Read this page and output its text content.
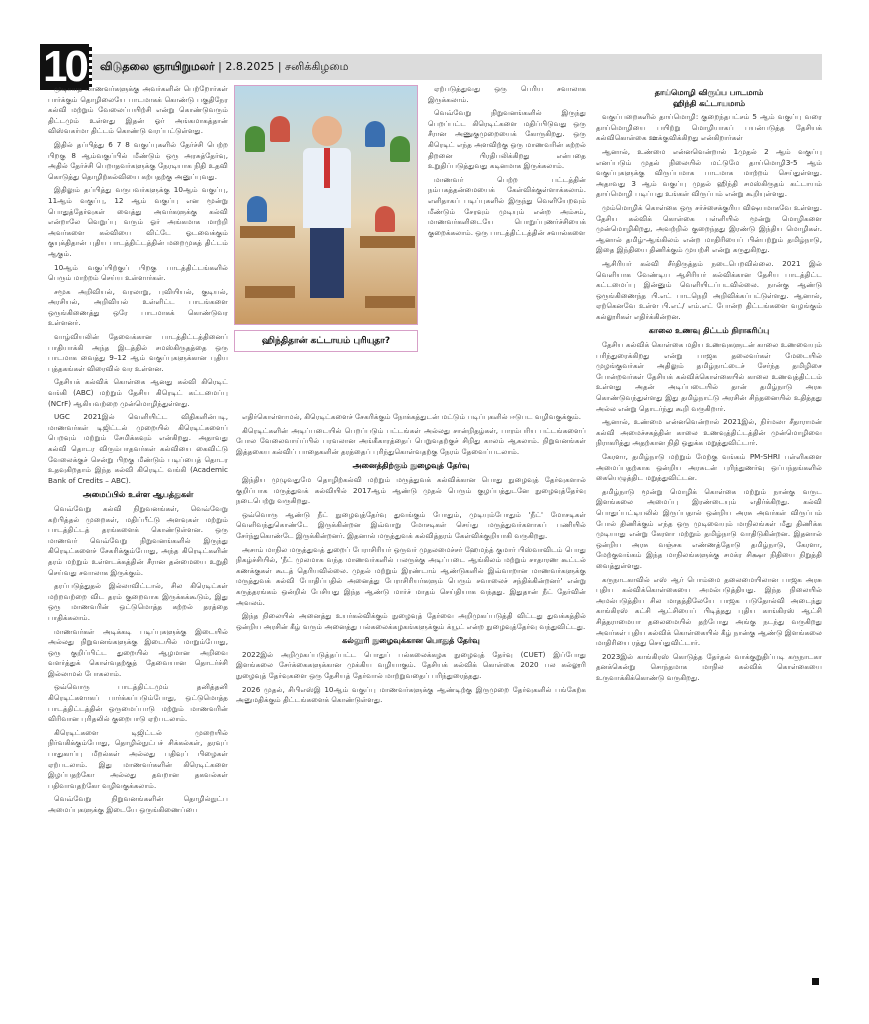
10	விடுதலை ஞாயிறுமலர் | 2.8.2025 | சனிக்கிழமை

முடியாத மாணவர்களுக்கு அவர்களின் பெற்றோர்கள் பார்க்கும் தொழிலையே பாடமாகக் கொண்டு பகுதிநேர கல்வி மற்றும் வேலைப்பயிற்சி என்று கொண்டுவரும் திட்டமும் உள்ளது இதன் ஓர் அங்கமாகத்தான் விஸ்வகர்மா திட்டம் கொண்டு வரப்பட்டுள்ளது.

இதில் தப்பித்து 6 7 8 வகுப்புகளில் தேர்ச்சி பெற்ற பிறகு 8 ஆம்வகுப்பில் மீண்டும் ஒரு அரசுத்தேர்வு, அதில் தேர்ச்சி பெறாதவர்களுக்கு நேரடியாக நிதி உதவி கொடுத்து தொழிற்கல்வியை கற்பதற்கு அனுப்புவது.

இதிலும் தப்பித்து வருபவர்களுக்கு 10ஆம் வகுப்பு, 11ஆம் வகுப்பு, 12 ஆம் வகுப்பு என மூன்று பொதுத்தேர்வுகள் வைத்து அவர்களுக்கு கல்வி என்றாலே வெறுப்பு வரும் ஓர் அங்கமாக மாற்றி அவர்களை கல்வியை விட்டே ஓடவைக்கும் குயுக்திதான் புதிய பாடத்திட்டத்தின் மறைமுகத் திட்டம் ஆகும்.

10ஆம் வகுப்பிற்குப் பிறகு பாடத்திட்டங்களில் பெரும் மாற்றம் செய்ய உள்ளார்கள்.

சமூக அறிவியல், வரலாறு, புவியியல், குடியல், அரசியல், அறிவியல் உள்ளிட்ட பாடங்களை ஒருங்கிணைத்து ஒரே பாடமாகக் கொண்டுவர உள்ளனர்.

வாழ்வியலின் தேவைக்கான பாடத்திட்டத்தினைப் பாதியாக்கி அந்த இடத்தில் சமஸ்கிருதத்தை ஒரு பாடமாக வைத்து 9–12 ஆம் வகுப்புகளுக்கான புதிய புத்தகங்கள் விரைவில் வர உள்ளன.

தேசியக் கல்விக் கொள்கை ஆனது கல்வி கிரெடிட் வங்கி (ABC) மற்றும் தேசிய கிரெடிட் கட்டமைப்பு (NCrF) ஆகியவற்றை முன்மொழிந்துள்ளது.

UGC 2021இல் வெளியிட்ட விதிகளின்படி, மாணவர்கள் டிஜிட்டல் முறையில் கிரெடிட்களைப் பெறவும் மற்றும் சேமிக்கவும் என்கிறது. அதாவது கல்வி தொடர விரும்பாதவர்கள் கல்வியை கைவிட்டு வேலைக்குச் சென்று பிறகு மீண்டும் படிப்பைத் தொடர உதவுகிறதாம் இந்த கல்வி கிரெடிட் வங்கி (Academic Bank of Credits – ABC).

அமைப்பில் உள்ள ஆபத்துகள்

வெவ்வேறு கல்வி நிறுவனங்கள், வெவ்வேறு கற்பித்தல் முறைகள், மதிப்பீட்டு அளவுகள் மற்றும் பாடத்திட்டத் தரங்களைக் கொண்டுள்ளன. ஒரு மாணவர் வெவ்வேறு நிறுவனங்களில் இருந்து கிரெடிட்களைச் சேகரிக்கும்போது, அந்த கிரெடிட்களின் தரம் மற்றும் உள்ளடக்கத்தின் சீரான தன்மையை உறுதி செய்வது சவாலாக இருக்கும்.

தரப்படுத்துதல் இல்லாவிட்டால், சில கிரெடிட்கள் மற்றவற்றை விட தரம் குறைவாக இருக்கக்கூடும், இது ஒரு மாணவரின் ஒட்டுமொத்த கற்றல் தரத்தை பாதிக்கலாம்.

மாணவர்கள் அடிக்கடி படிப்புகளுக்கு இடையில் அல்லது நிறுவனங்களுக்கு இடையில் மாறும்போது, ஒரு குறிப்பிட்ட துறையில் ஆழமான அறிவை வளர்த்துக் கொள்வதற்குத் தேவையான தொடர்ச்சி இல்லாமல் போகலாம்.

ஒவ்வொரு பாடத்திட்டமும் தனித்தனி கிரெடிட்களாகப் பார்க்கப்படும்போது, ஒட்டுமொத்த பாடத்திட்டத்தின் ஒருமைப்பாடு மற்றும் மாணவரின் விரிவான புரிதலில் குறைபாடு ஏற்படலாம்.

கிரெடிட்களை டிஜிட்டல் முறையில் நிர்வகிக்கும்போது, தொழில்நுட்பச் சிக்கல்கள், தரவுப் பாதுகாப்பு மீறல்கள் அல்லது பதிவுப் பிழைகள் ஏற்படலாம். இது மாணவர்களின் கிரெடிட்களை இழப்பதற்கோ அல்லது தவறான தகவல்கள் பதிவாவதற்கோ வழிவகுக்கலாம்.

வெவ்வேறு நிறுவனங்களின் தொழில்நுட்ப அமைப்புகளுக்கு இடையே ஒருங்கிணைப்பை

ஹிந்திதான் கட்டாயம் புரியுதா?

ஏற்படுத்துவது ஒரு பெரிய சவாலாக இருக்கலாம்.

வெவ்வேறு நிறுவனங்களில் இருந்து பெறப்பட்ட கிரெடிட்களை மதிப்பிடுவது ஒரு சீரான அணுகுமுறையைக் கோருகிறது. ஒரு கிரெடிட் எந்த அளவிற்கு ஒரு மாணவரின் கற்றல் திறனை பிரதிபலிக்கிறது என்பதை உறுதிப்படுத்துவது கடினமாக இருக்கலாம்.

மாணவர் பெற்ற பட்டத்தின் நம்பகத்தன்மையைக் கேள்விக்குள்ளாக்கலாம். எளிதாகப் படிப்புகளில் இருந்து வெளியேறவும் மீண்டும் சேரவும் முடியும் என்ற அம்சம், மாணவர்களிடையே பொறுப்புணர்ச்சியைக் குறைக்கலாம். ஒரு பாடத்திட்டத்தின் சவால்களை

எதிர்கொள்ளாமல், கிரெடிட்களைச் சேகரிக்கும் நோக்கத்துடன் மட்டும் படிப்புகளில் ஈடுபட வழிவகுக்கும்.

கிரெடிட்களின் அடிப்படையில் பெறப்படும் பட்டங்கள் அல்லது சான்றிதழ்கள், பாரம்பரிய பட்டங்களைப் போல வேலைவாய்ப்பில் பரவலான அங்கீகாரத்தைப் பெறுவதற்குச் சிறிது காலம் ஆகலாம். நிறுவனங்கள் இத்தகைய கல்விப் பாதைகளின் தரத்தைப் புரிந்துகொள்வதற்கு நேரம் தேவைப்படலாம்.

அனைத்திற்கும் நுழைவுத் தேர்வு

இந்திய முழுவதுமே தொழிற்கல்வி மற்றும் மருத்துவக் கல்விக்கான பொது நுழைவுத் தேர்வுகளால் குறிப்பாக மருத்துவக் கல்வியில் 2017ஆம் ஆண்டு முதல் பெரும் குழப்பத்துடனே நுழைவுத்தேர்வு நடைபெற்று வருகிறது.

ஒவ்வொரு ஆண்டு நீட் நுழைவுத்தேர்வு துவங்கும் போதும், முடியும்போதும் 'நீட்' மோசடிகள் வெளிவந்துகொண்டே இருக்கின்றன இவ்வாறு மோசடிகள் செய்து மருத்துவர்களாகப் பணியில் சேர்ந்துகொண்டே இருக்கின்றனர். இதனால் மருத்துவக் கல்வித்தரம் கேள்விக்குறியாகி வருகிறது.

அசாம் மாநில மருத்துவத் துறைப் பேராசிரியர் ஒருவர் முதலமைச்சர் ஹேமந்த் குமார் பிஸ்வாவிடம் பொது நிகழ்ச்சியில், 'நீட் முலமாக வந்த மாணவர்களில் பலருக்கு அடிப்படை ஆங்கிலம் மற்றும் சாதாரண கூட்டல் கணக்குகள் கூடத் தெரியவில்லை. முதல் மற்றும் இரண்டாம் ஆண்டுகளில் இவ்வாறான மாணவர்களுக்கு மருத்துவக் கல்வி போதிப்பதில் அனைத்து பேராசிரியர்களும் பெரும் சவாலைச் சந்திக்கின்றனர்' என்று கருத்தரங்கம் ஒன்றில் பேசியது இந்த ஆண்டு மார்ச் மாதம் செய்தியாக வந்தது. இதுதான் நீட் தேர்வின் அவலம்.

இந்த நிலையில் அனைத்து உயர்கல்விக்கும் நுழைவுத் தேர்வை அறிமுகப்படுத்தி விட்டது துவக்கத்தில் ஒன்றிய அரசின் கீழ் வரும் அனைத்து பல்கலைக்கழகங்களுக்கும் க்யூட் என்ற நுழைவுத்தேர்வு வந்துவிட்டது.

கல்லூரி நுழைவுக்கான பொதுத் தேர்வு

2022இல் அறிமுகப்படுத்தப்பட்ட பொதுப் பல்கலைக்கழக நுழைவுத் தேர்வு (CUET) இப்போது இளங்கலை சேர்க்கைகளுக்கான முக்கிய வழியாகும். தேசியக் கல்விக் கொள்கை 2020 பல கல்லூரி நுழைவுத் தேர்வுகளை ஒரு தேசியத் தேர்வால் மாற்றுவதைப் பரிந்துரைத்தது.

2026 முதல், சிபிஎஸ்இ 10ஆம் வகுப்பு மாணவர்களுக்கு ஆண்டிற்கு இருமுறை தேர்வுகளில் பங்கேற்க அனுமதிக்கும் திட்டங்களைக் கொண்டுள்ளது.

தாய்மொழி விருப்ப பாடமாம்
ஹிந்தி கட்டாயமாம்

வகுப்பறைகளில் தாய்மொழி: குறைந்தபட்சம் 5 ஆம் வகுப்பு வரை தாய்மொழியை பயிற்று மொழியாகப் பயன்படுத்த தேசியக் கல்விகொள்கை ஊக்குவிக்கிறது என்கிறார்கள்

ஆனால், உண்மை என்னவென்றால் 1முதல் 2 ஆம் வகுப்பு எனப்படும் முதல் நிலையில் மட்டுமே தாய்மொழி3-5 ஆம் வகுப்புகளுக்கு விருப்பமாக பாடமாக மாற்றம் செய்துள்ளது. அதாவது 3 ஆம் வகுப்பு முதல் ஹிந்தி சமஸ்கிருதம் கட்டாயம் தாய்மொழி படிப்பது உங்கள் விருப்பம் என்று கூறியுள்ளது.

மும்மொழிக் கொள்கை ஒரு சர்ச்சைக்குரிய விஷயமாகவே உள்ளது. தேசிய கல்விக் கொள்கை பள்ளியில் மூன்று மொழிகளை முன்மொழிகிறது, அவற்றில் குறைந்தது இரண்டு இந்திய மொழிகள். ஆனால் தமிழ்-ஆங்கிலம் என்ற மாதிரியைப் பின்பற்றும் தமிழ்நாடு, இதை இந்தியை திணிக்கும் முயற்சி என்று கருதுகிறது.

ஆசிரியர் கல்வி சீர்திருத்தம் நடைபெறவில்லை. 2021 இல் வெளியாக வேண்டிய ஆசிரியர் கல்விக்கான தேசிய பாடத்திட்ட கட்டமைப்பு இன்னும் வெளியிடப்படவில்லை. நான்கு ஆண்டு ஒருங்கிணைந்த பி.எட் பாடநெறி அறிவிக்கப்பட்டுள்ளது. ஆனால், ஏற்கெனவே உள்ள பி.எட்/ எம்.எட் போன்ற திட்டங்களை வழங்கும் கல்லூரிகள் எதிர்க்கின்றன.

காலை உணவு திட்டம் நிராகரிப்பு

தேசிய கல்விக் கொள்கை மதிய உணவுகளுடன் காலை உணவையும் பரிந்துரைக்கிறது என்று பாஜக தலைவர்கள் மேடையில் முழங்குவர்கள் அதிலும் தமிழ்நாட்டைச் சேர்ந்த தமிழிசை போன்றவர்கள் தேசியக் கல்விக்கொள்கையில் காலை உணவுத்திட்டம் உள்ளது அதன் அடிப்படையில் தான் தமிழ்நாடு அரசு கொண்டுவந்துள்ளது இது தமிழ்நாட்டு அரசின் சிந்தனையில் உதித்தது அல்ல என்று தொடர்ந்து கூறி வருகிறார்.

ஆனால், உண்மை என்னவென்றால் 2021இல், நிர்மலா சீதாராமன் கல்வி அமைச்சகத்தின் காலை உணவுத்திட்டத்தின் முன்மொழிவை நிராகரித்து அதற்கான நிதி ஒதுக்க மறுத்துவிட்டார்.

கேரளா, தமிழ்நாடு மற்றும் மேற்கு வங்கம் PM-SHRI பள்ளிகளை அமைப்பதற்காக ஒன்றிய அரசுடன் புரிந்துணர்வு ஒப்பந்தங்களில் கையெழுத்திட மறுத்துவிட்டன.

தமிழ்நாடு மூன்று மொழிக் கொள்கை மற்றும் நான்கு வருட இளங்கலை அமைப்பு இரண்டையும் எதிர்க்கிறது. கல்வி பொதுப்பட்டியலில் இருப்பதால் ஒன்றிய அரசு அவர்கள் விருப்பம் போல் திணிக்கும் எந்த ஒரு முடிவையும் மாநிலங்கள் மீது திணிக்க முடியாது என்று கேரளா மற்றும் தமிழ்நாடு வாதிடுகின்றன. இதனால் ஒன்றிய அரசு வஞ்சக எண்ணத்தோடு தமிழ்நாடு, கேரளா, மேற்குவங்கம் இந்த மாநிலங்களுக்கு சமக்ர சிக்ஷா நிதியை நிறுத்தி வைத்துள்ளது.

கருநாடகாவில் எஸ் ஆர் பொம்மை தலைமையிலான பாஜக அரசு புதிய கல்விக்கொள்கையை அமல்படுத்தியது. இந்த நிலையில் அமல்படுத்திய சில மாதத்திலேயே பாஜக படுதோல்வி அடைந்து காங்கிரஸ் கட்சி ஆட்சியைப் பிடித்தது புதிய காங்கிரஸ் ஆட்சி சித்தராமையா தலைமையில் தற்போது அங்கு நடந்து வருகிறது அவர்கள் புதிய கல்விக் கொள்கையில் கீழ் நான்கு ஆண்டு இளங்கலை மாதிரியை ரத்து செய்துவிட்டார்.

2023இல் காங்கிரஸ் கொடுத்த தேர்தல் வாக்குறுதிப்படி கருநாடகா தனக்கென்று சொந்தமாக மாநில கல்விக் கொள்கையை உருவாக்கிக்கொண்டு வருகிறது.
